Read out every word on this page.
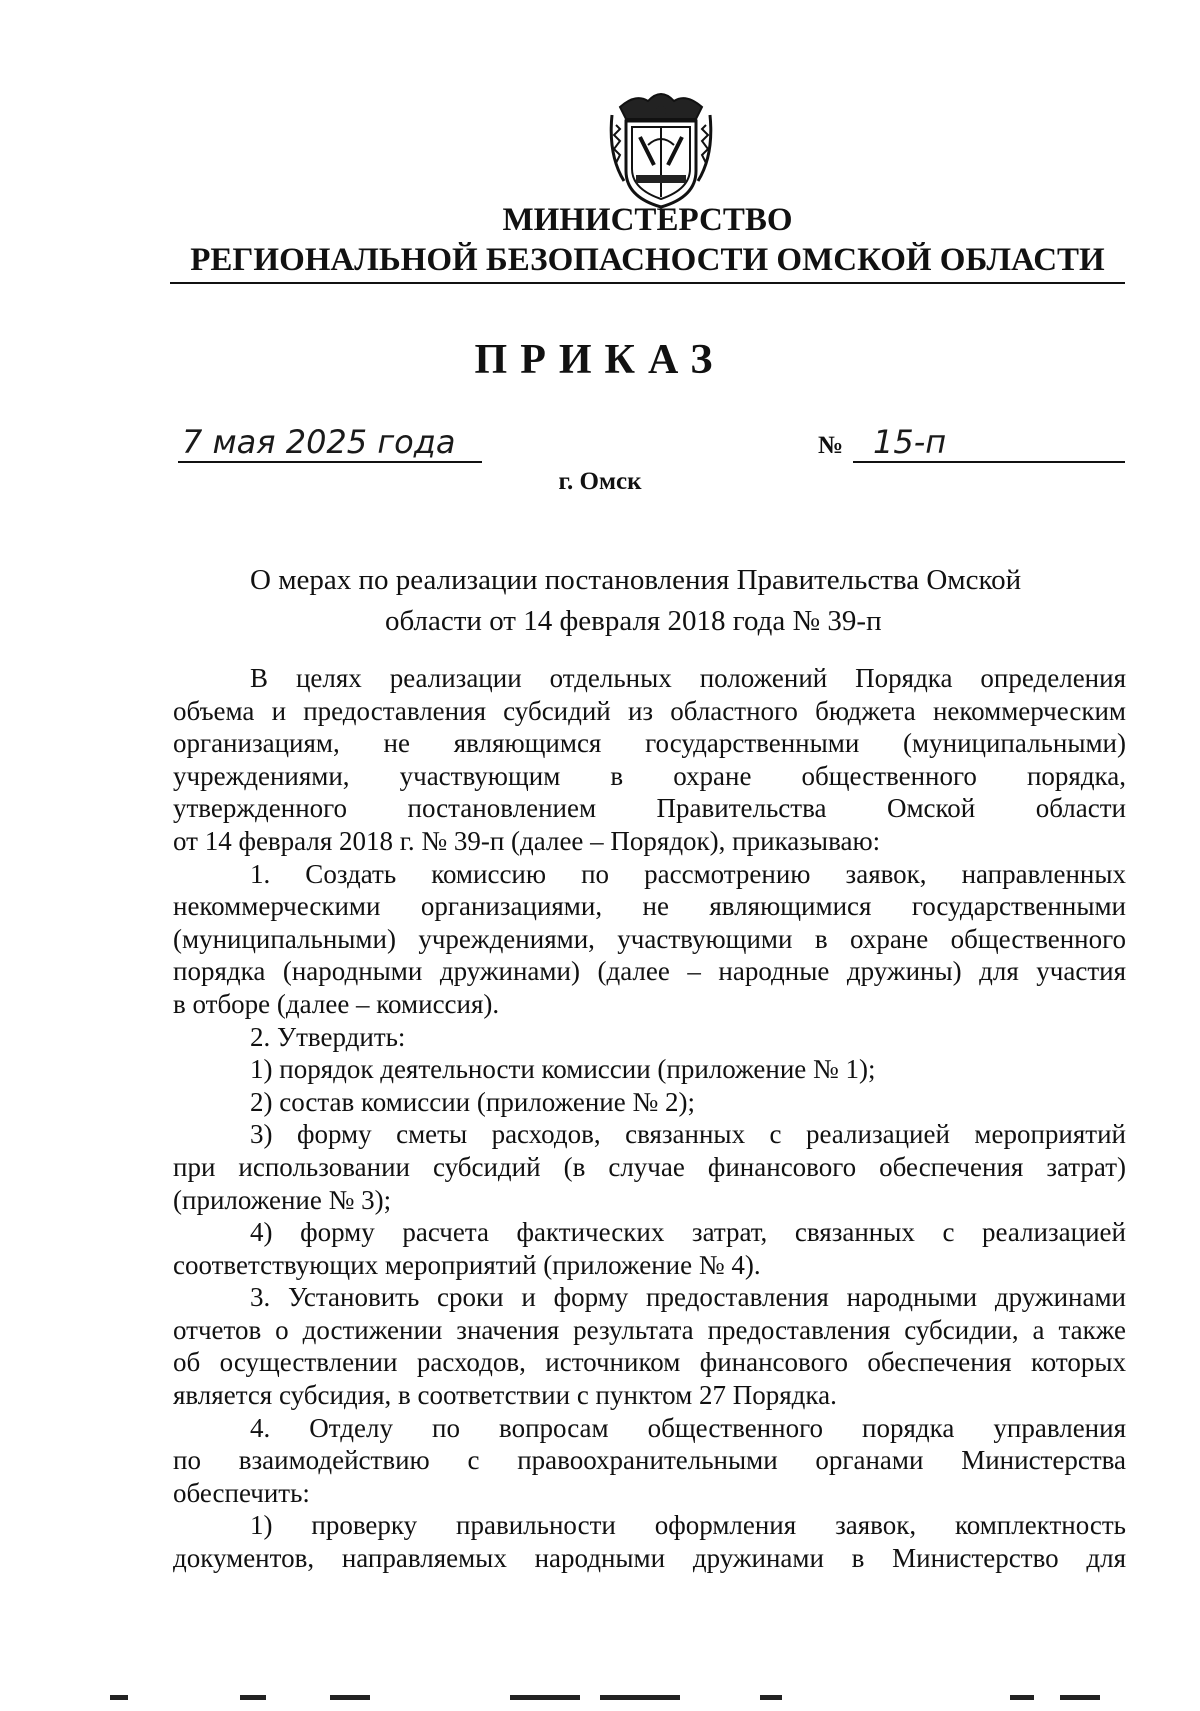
МИНИСТЕРСТВО
РЕГИОНАЛЬНОЙ БЕЗОПАСНОСТИ ОМСКОЙ ОБЛАСТИ
ПРИКАЗ
7 мая 2025 года	№ 15-п
г. Омск
О мерах по реализации постановления Правительства Омской
области от 14 февраля 2018 года № 39-п
В целях реализации отдельных положений Порядка определения
объема и предоставления субсидий из областного бюджета некоммерческим
организациям, не являющимся государственными (муниципальными)
учреждениями, участвующим в охране общественного порядка,
утвержденного постановлением Правительства Омской области
от 14 февраля 2018 г. № 39-п (далее – Порядок), приказываю:
1. Создать комиссию по рассмотрению заявок, направленных
некоммерческими организациями, не являющимися государственными
(муниципальными) учреждениями, участвующими в охране общественного
порядка (народными дружинами) (далее – народные дружины) для участия
в отборе (далее – комиссия).
2. Утвердить:
1) порядок деятельности комиссии (приложение № 1);
2) состав комиссии (приложение № 2);
3) форму сметы расходов, связанных с реализацией мероприятий
при использовании субсидий (в случае финансового обеспечения затрат)
(приложение № 3);
4) форму расчета фактических затрат, связанных с реализацией
соответствующих мероприятий (приложение № 4).
3. Установить сроки и форму предоставления народными дружинами
отчетов о достижении значения результата предоставления субсидии, а также
об осуществлении расходов, источником финансового обеспечения которых
является субсидия, в соответствии с пунктом 27 Порядка.
4. Отделу по вопросам общественного порядка управления
по взаимодействию с правоохранительными органами Министерства
обеспечить:
1) проверку правильности оформления заявок, комплектность
документов, направляемых народными дружинами в Министерство для
